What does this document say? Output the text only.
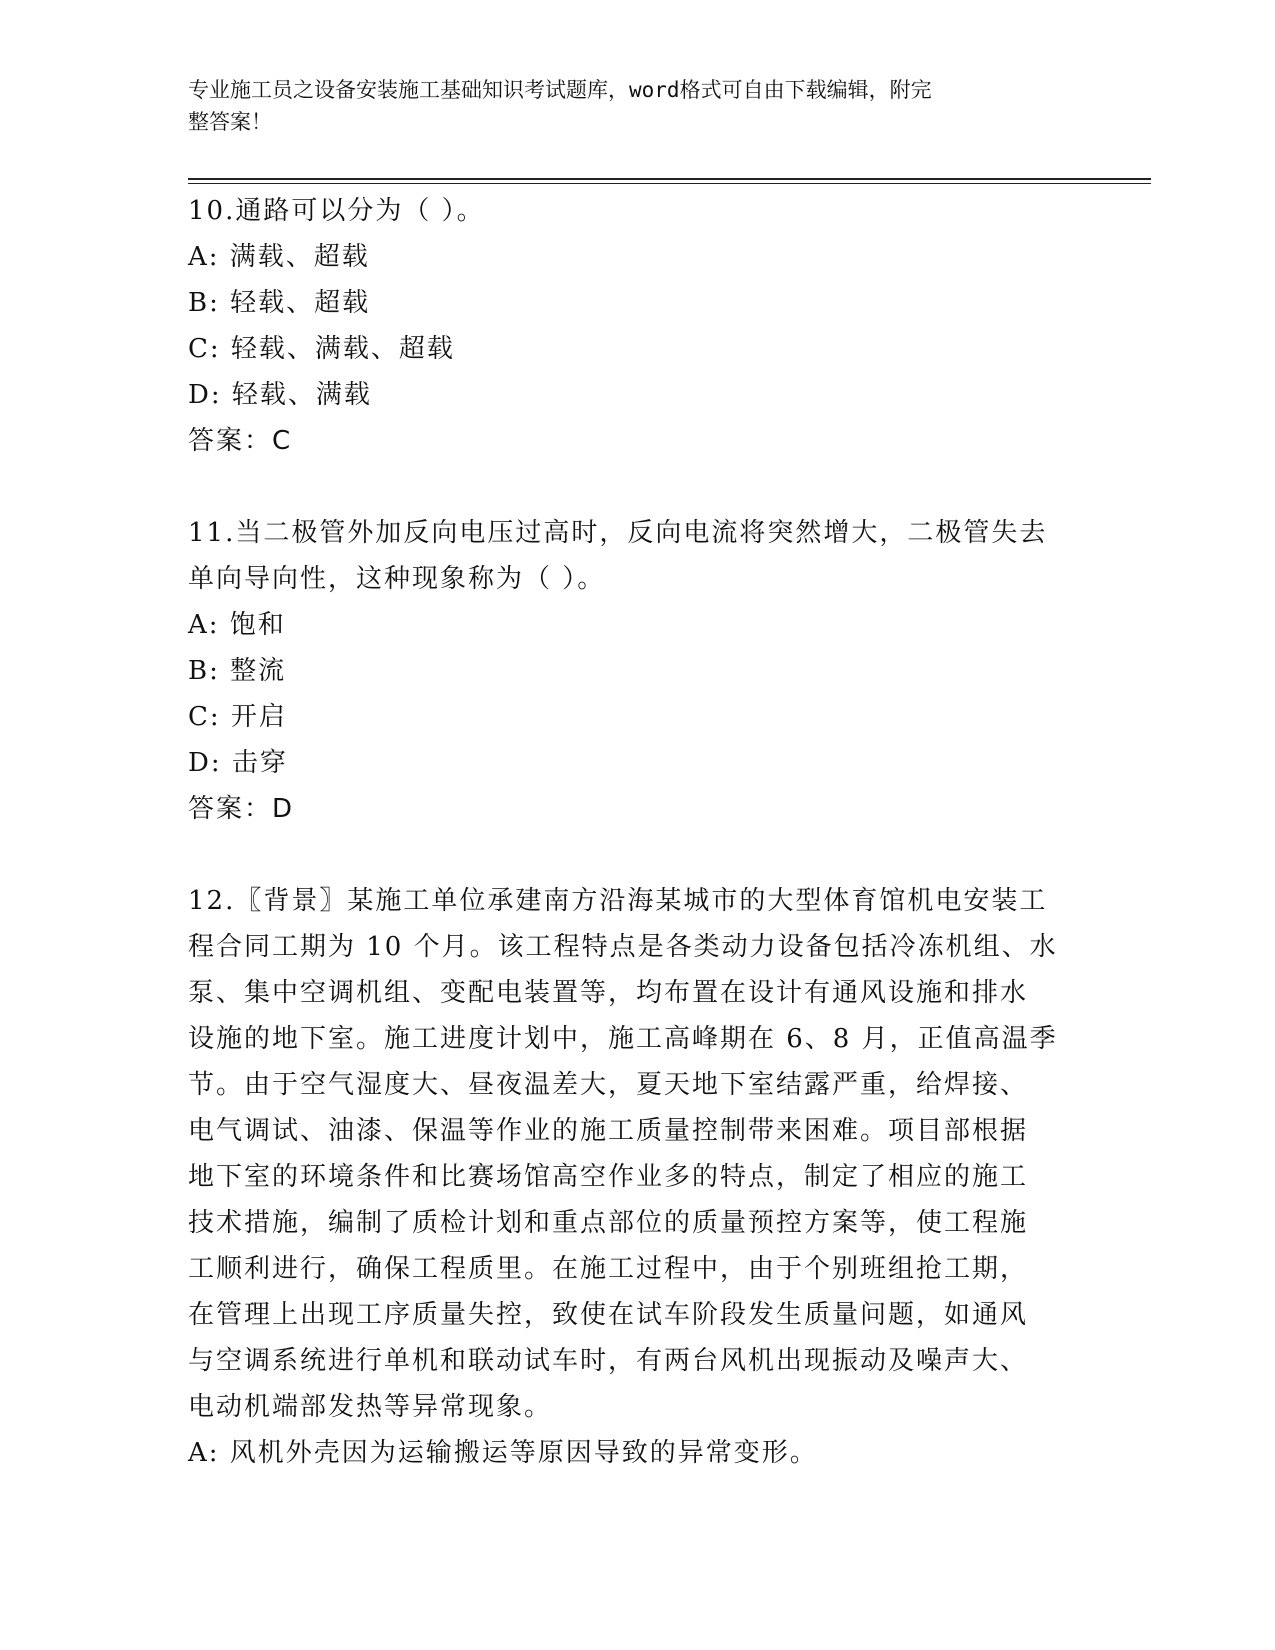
专业施工员之设备安装施工基础知识考试题库，word格式可自由下载编辑，附完
整答案！
10.通路可以分为（ ）。
A: 满载、超载
B: 轻载、超载
C: 轻载、满载、超载
D: 轻载、满载
答案：C
11.当二极管外加反向电压过高时，反向电流将突然增大，二极管失去
单向导向性，这种现象称为（ ）。
A: 饱和
B: 整流
C: 开启
D: 击穿
答案：D
12.〖背景〗某施工单位承建南方沿海某城市的大型体育馆机电安装工
程合同工期为 10 个月。该工程特点是各类动力设备包括冷冻机组、水
泵、集中空调机组、变配电装置等，均布置在设计有通风设施和排水
设施的地下室。施工进度计划中，施工高峰期在 6、8 月，正值高温季
节。由于空气湿度大、昼夜温差大，夏天地下室结露严重，给焊接、
电气调试、油漆、保温等作业的施工质量控制带来困难。项目部根据
地下室的环境条件和比赛场馆高空作业多的特点，制定了相应的施工
技术措施，编制了质检计划和重点部位的质量预控方案等，使工程施
工顺利进行，确保工程质里。在施工过程中，由于个别班组抢工期，
在管理上出现工序质量失控，致使在试车阶段发生质量问题，如通风
与空调系统进行单机和联动试车时，有两台风机出现振动及噪声大、
电动机端部发热等异常现象。
A: 风机外壳因为运输搬运等原因导致的异常变形。
